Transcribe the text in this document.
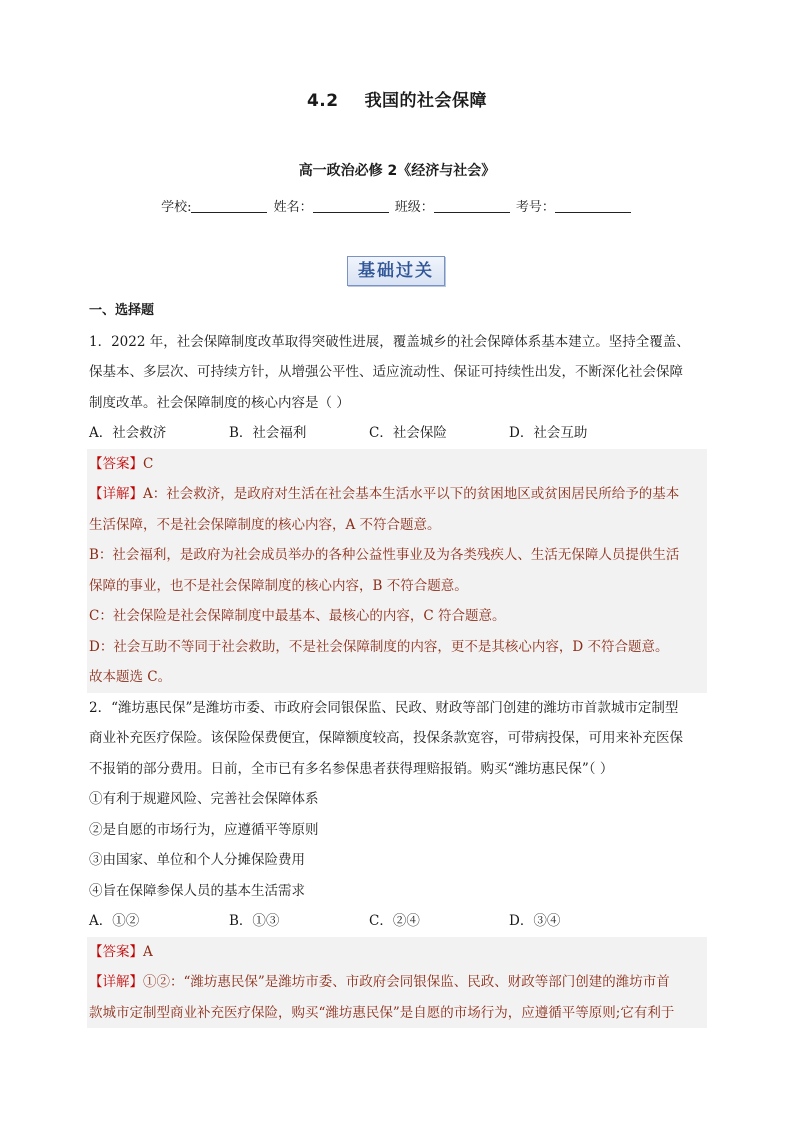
4.2 我国的社会保障
高一政治必修 2《经济与社会》
学校:	姓名：	班级：	考号：
基础过关
一、选择题
1．2022 年，社会保障制度改革取得突破性进展，覆盖城乡的社会保障体系基本建立。坚持全覆盖、
保基本、多层次、可持续方针，从增强公平性、适应流动性、保证可持续性出发，不断深化社会保障
制度改革。社会保障制度的核心内容是（ ）
A．社会救济	B．社会福利	C．社会保险	D．社会互助
【答案】C
【详解】A：社会救济，是政府对生活在社会基本生活水平以下的贫困地区或贫困居民所给予的基本
生活保障，不是社会保障制度的核心内容，A 不符合题意。
B：社会福利，是政府为社会成员举办的各种公益性事业及为各类残疾人、生活无保障人员提供生活
保障的事业，也不是社会保障制度的核心内容，B 不符合题意。
C：社会保险是社会保障制度中最基本、最核心的内容，C 符合题意。
D：社会互助不等同于社会救助，不是社会保障制度的内容，更不是其核心内容，D 不符合题意。
故本题选 C。
2．“潍坊惠民保”是潍坊市委、市政府会同银保监、民政、财政等部门创建的潍坊市首款城市定制型
商业补充医疗保险。该保险保费便宜，保障额度较高，投保条款宽容，可带病投保，可用来补充医保
不报销的部分费用。日前，全市已有多名参保患者获得理赔报销。购买“潍坊惠民保”（ ）
①有利于规避风险、完善社会保障体系
②是自愿的市场行为，应遵循平等原则
③由国家、单位和个人分摊保险费用
④旨在保障参保人员的基本生活需求
A．①②	B．①③	C．②④	D．③④
【答案】A
【详解】①②：“潍坊惠民保”是潍坊市委、市政府会同银保监、民政、财政等部门创建的潍坊市首
款城市定制型商业补充医疗保险，购买“潍坊惠民保”是自愿的市场行为，应遵循平等原则;它有利于
